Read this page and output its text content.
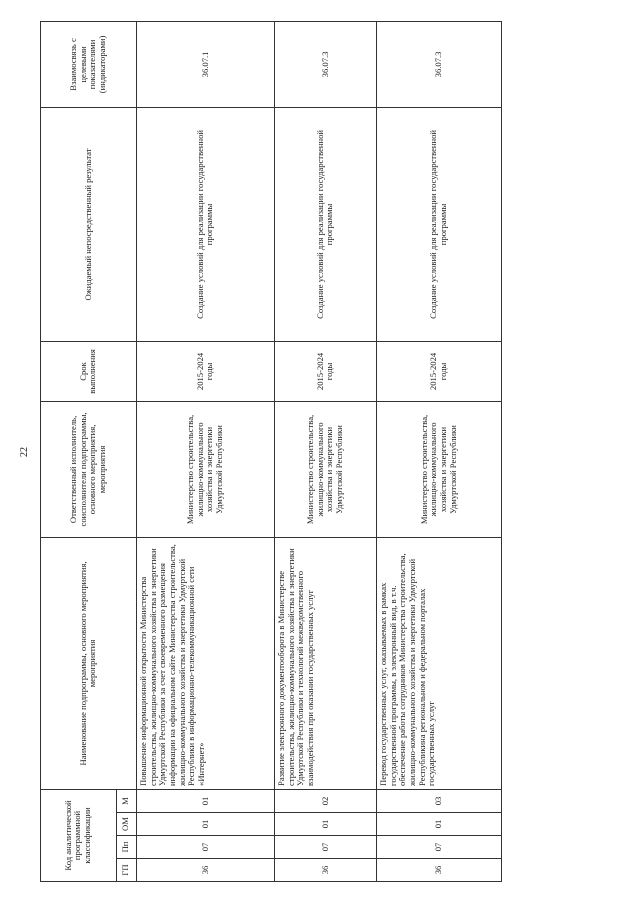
22
Код аналитической программной классификации				Наименование подпрограммы, основного мероприятия, мероприятия	Ответственный исполнитель, соисполнители подпрограммы, основного мероприятия, мероприятия	Срок выполнения	Ожидаемый непосредственный результат	Взаимосвязь с целевыми показателями (индикаторами)
ГП	Пп	ОМ	М					
36	07	01	01	Повышение информационной открытости Министерства строительства, жилищно-коммунального хозяйства и энергетики Удмуртской Республики за счет своевременного размещения информации на официальном сайте Министерства строительства, жилищно-коммунального хозяйства и энергетики Удмуртской Республики в информационно-телекоммуникационной сети «Интернет»	Министерство строительства, жилищно-коммунального хозяйства и энергетики Удмуртской Республики	2015-2024 годы	Создание условий для реализации государственной программы	36.07.1
36	07	01	02	Развитие электронного документооборота в Министерстве строительства, жилищно-коммунального хозяйства и энергетики Удмуртской Республики и технологий межведомственного взаимодействия при оказании государственных услуг	Министерство строительства, жилищно-коммунального хозяйства и энергетики Удмуртской Республики	2015-2024 годы	Создание условий для реализации государственной программы	36.07.3
36	07	01	03	Перевод государственных услуг, оказываемых в рамках государственной программы, в электронный вид, в т.ч. обеспечение работы сотрудников Министерства строительства, жилищно-коммунального хозяйства и энергетики Удмуртской Республикина региональном и федеральном порталах государственных услуг	Министерство строительства, жилищно-коммунального хозяйства и энергетики Удмуртской Республики	2015-2024 годы	Создание условий для реализации государственной программы	36.07.3
